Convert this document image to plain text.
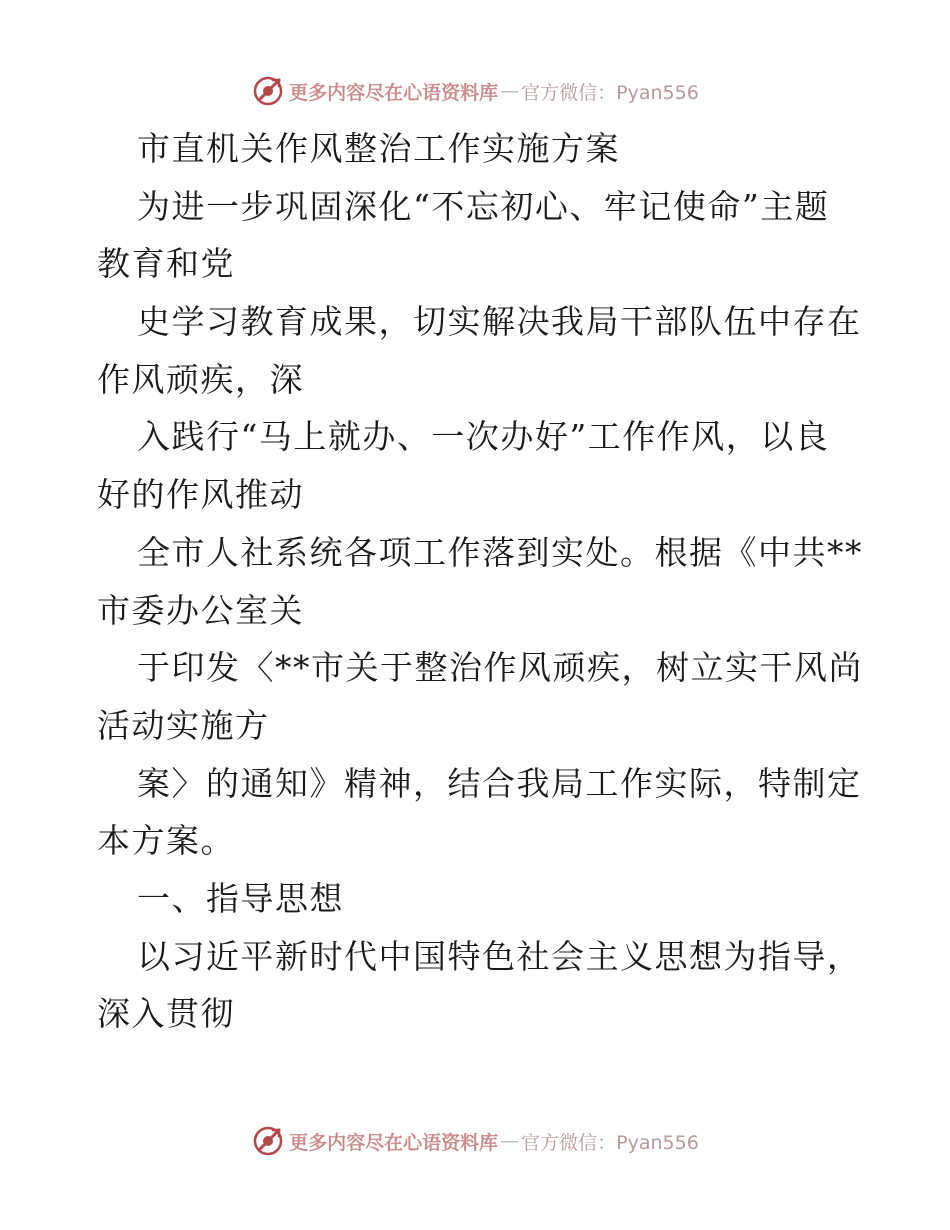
更多内容尽在心语资料库 — 官方微信：Pyan556
市直机关作风整治工作实施方案
为进一步巩固深化“不忘初心、牢记使命”主题
教育和党
史学习教育成果，切实解决我局干部队伍中存在
作风顽疾，深
入践行“马上就办、一次办好”工作作风，以良
好的作风推动
全市人社系统各项工作落到实处。根据《中共**
市委办公室关
于印发〈**市关于整治作风顽疾，树立实干风尚
活动实施方
案〉的通知》精神，结合我局工作实际，特制定
本方案。
一、指导思想
以习近平新时代中国特色社会主义思想为指导，
深入贯彻
更多内容尽在心语资料库 — 官方微信：Pyan556
